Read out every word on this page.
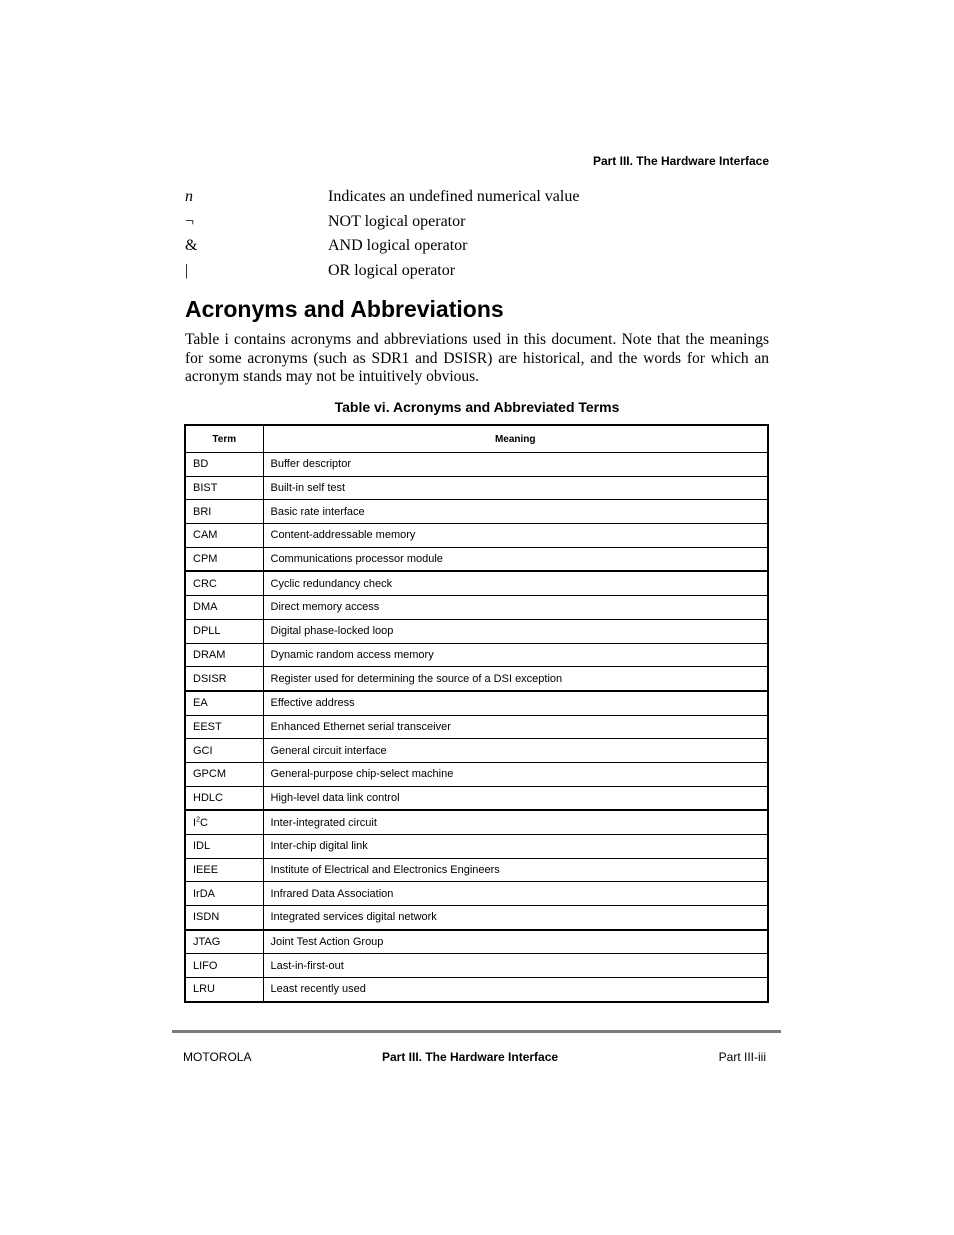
Part III. The Hardware Interface
n	Indicates an undefined numerical value
¬	NOT logical operator
&	AND logical operator
|	OR logical operator
Acronyms and Abbreviations

Table i contains acronyms and abbreviations used in this document. Note that the meanings for some acronyms (such as SDR1 and DSISR) are historical, and the words for which an acronym stands may not be intuitively obvious.

Table vi. Acronyms and Abbreviated Terms
Term	Meaning
BD	Buffer descriptor
BIST	Built-in self test
BRI	Basic rate interface
CAM	Content-addressable memory
CPM	Communications processor module
CRC	Cyclic redundancy check
DMA	Direct memory access
DPLL	Digital phase-locked loop
DRAM	Dynamic random access memory
DSISR	Register used for determining the source of a DSI exception
EA	Effective address
EEST	Enhanced Ethernet serial transceiver
GCI	General circuit interface
GPCM	General-purpose chip-select machine
HDLC	High-level data link control
$I^2C$	Inter-integrated circuit
IDL	Inter-chip digital link
IEEE	Institute of Electrical and Electronics Engineers
IrDA	Infrared Data Association
ISDN	Integrated services digital network
JTAG	Joint Test Action Group
LIFO	Last-in-first-out
LRU	Least recently used
MOTOROLA	Part III. The Hardware Interface	Part III-iii
